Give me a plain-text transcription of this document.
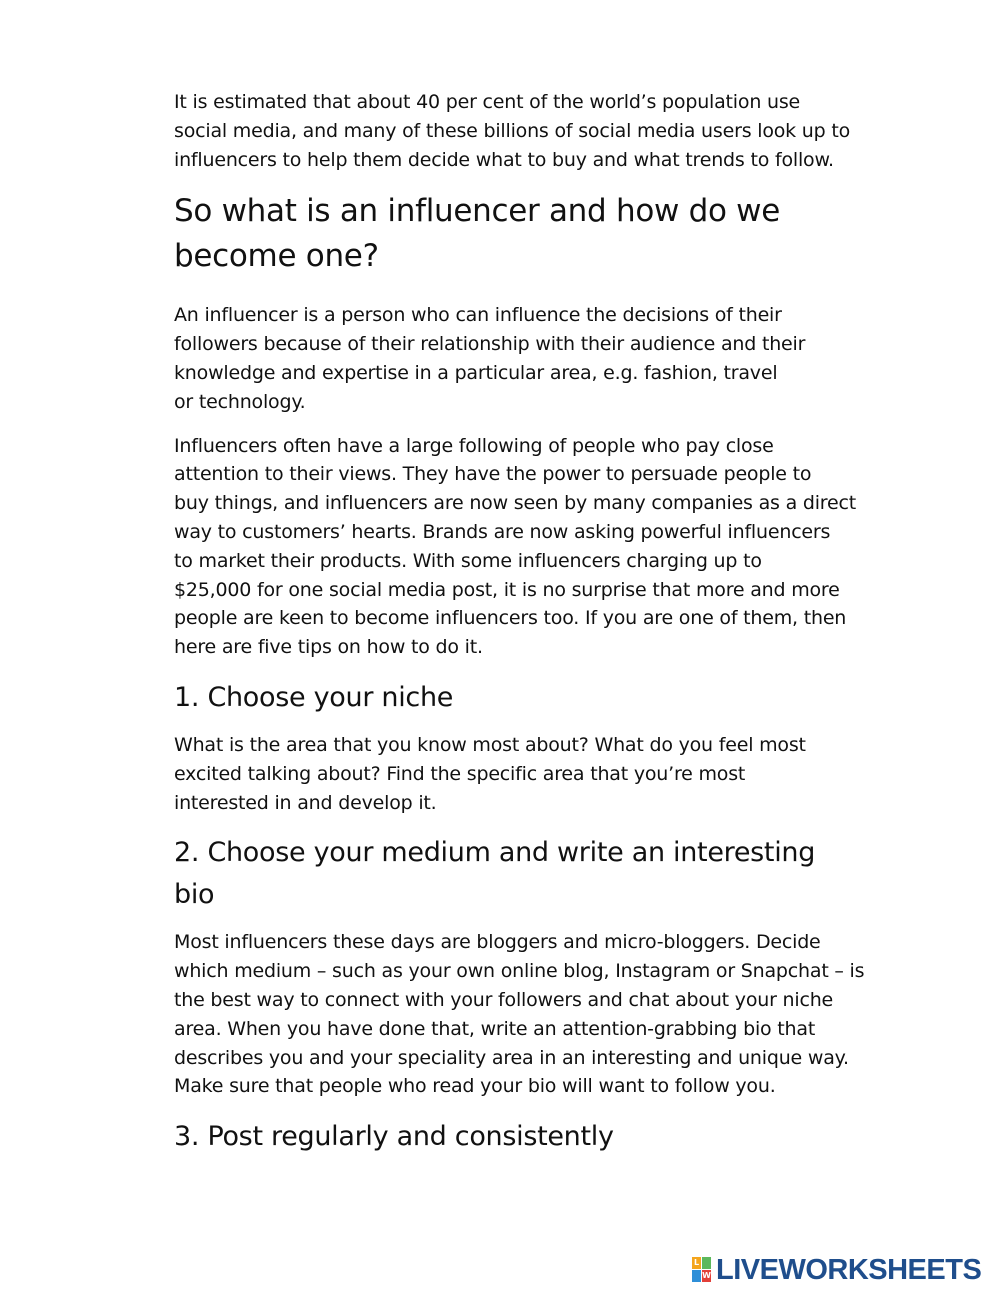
It is estimated that about 40 per cent of the world’s population use
social media, and many of these billions of social media users look up to
influencers to help them decide what to buy and what trends to follow.

So what is an influencer and how do we
become one?

An influencer is a person who can influence the decisions of their
followers because of their relationship with their audience and their
knowledge and expertise in a particular area, e.g. fashion, travel
or technology.

Influencers often have a large following of people who pay close
attention to their views. They have the power to persuade people to
buy things, and influencers are now seen by many companies as a direct
way to customers’ hearts. Brands are now asking powerful influencers
to market their products. With some influencers charging up to
$25,000 for one social media post, it is no surprise that more and more
people are keen to become influencers too. If you are one of them, then
here are five tips on how to do it.

1. Choose your niche

What is the area that you know most about? What do you feel most
excited talking about? Find the specific area that you’re most
interested in and develop it.

2. Choose your medium and write an interesting
bio

Most influencers these days are bloggers and micro-bloggers. Decide
which medium – such as your own online blog, Instagram or Snapchat – is
the best way to connect with your followers and chat about your niche
area. When you have done that, write an attention-grabbing bio that
describes you and your speciality area in an interesting and unique way.
Make sure that people who read your bio will want to follow you.

3. Post regularly and consistently
L
W LIVEWORKSHEETS
